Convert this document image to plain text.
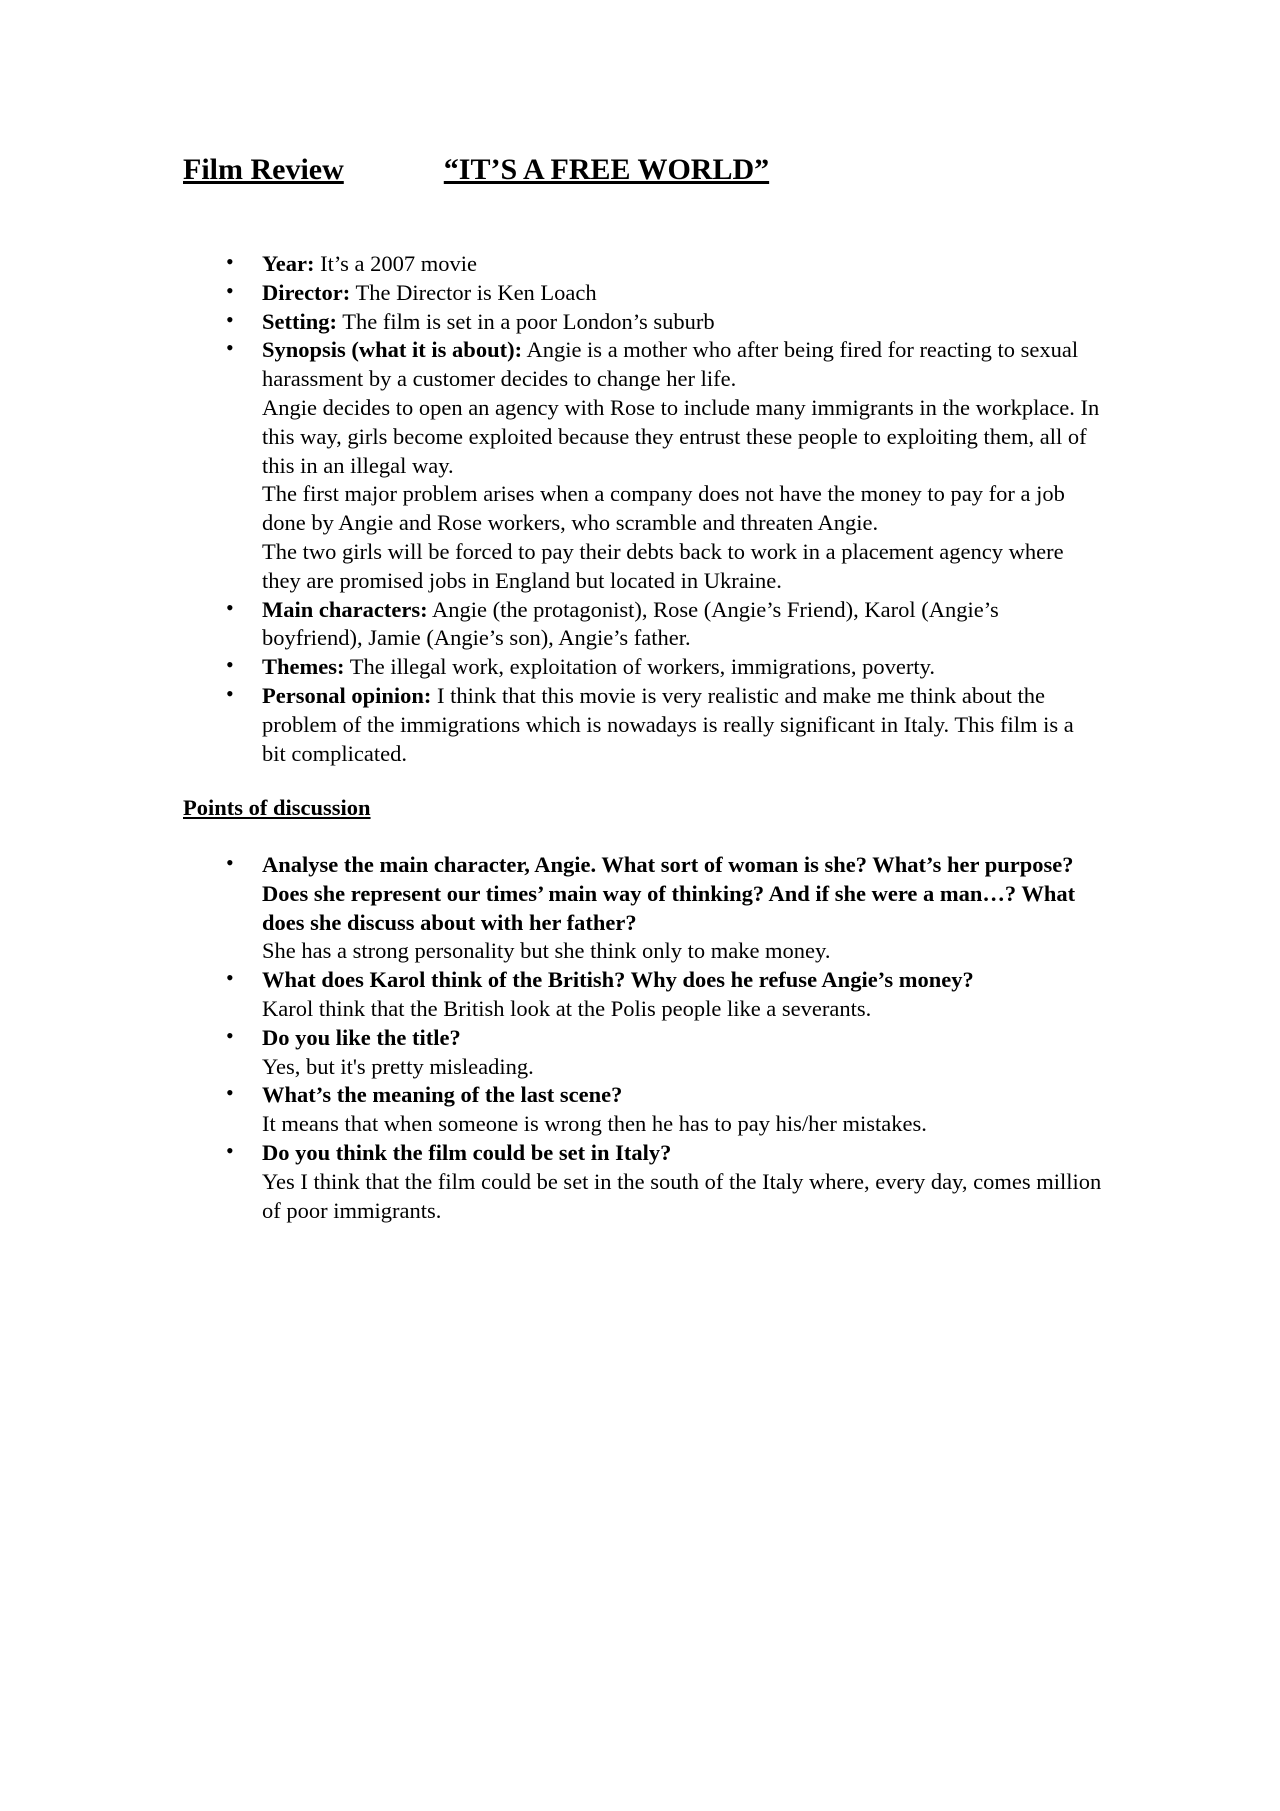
Film Review	“IT’S A FREE WORLD”
• Year: It’s a 2007 movie
• Director: The Director is Ken Loach
• Setting: The film is set in a poor London’s suburb
• Synopsis (what it is about): Angie is a mother who after being fired for reacting to sexual harassment by a customer decides to change her life.
Angie decides to open an agency with Rose to include many immigrants in the workplace. In this way, girls become exploited because they entrust these people to exploiting them, all of this in an illegal way.
The first major problem arises when a company does not have the money to pay for a job done by Angie and Rose workers, who scramble and threaten Angie.
The two girls will be forced to pay their debts back to work in a placement agency where they are promised jobs in England but located in Ukraine.
• Main characters: Angie (the protagonist), Rose (Angie’s Friend), Karol (Angie’s boyfriend), Jamie (Angie’s son), Angie’s father.
• Themes: The illegal work, exploitation of workers, immigrations, poverty.
• Personal opinion: I think that this movie is very realistic and make me think about the problem of the immigrations which is nowadays is really significant in Italy. This film is a bit complicated.
Points of discussion
• Analyse the main character, Angie. What sort of woman is she? What’s her purpose? Does she represent our times’ main way of thinking? And if she were a man…? What does she discuss about with her father?
She has a strong personality but she think only to make money.
• What does Karol think of the British? Why does he refuse Angie’s money?
Karol think that the British look at the Polis people like a severants.
• Do you like the title?
Yes, but it's pretty misleading.
• What’s the meaning of the last scene?
It means that when someone is wrong then he has to pay his/her mistakes.
• Do you think the film could be set in Italy?
Yes I think that the film could be set in the south of the Italy where, every day, comes million of poor immigrants.
